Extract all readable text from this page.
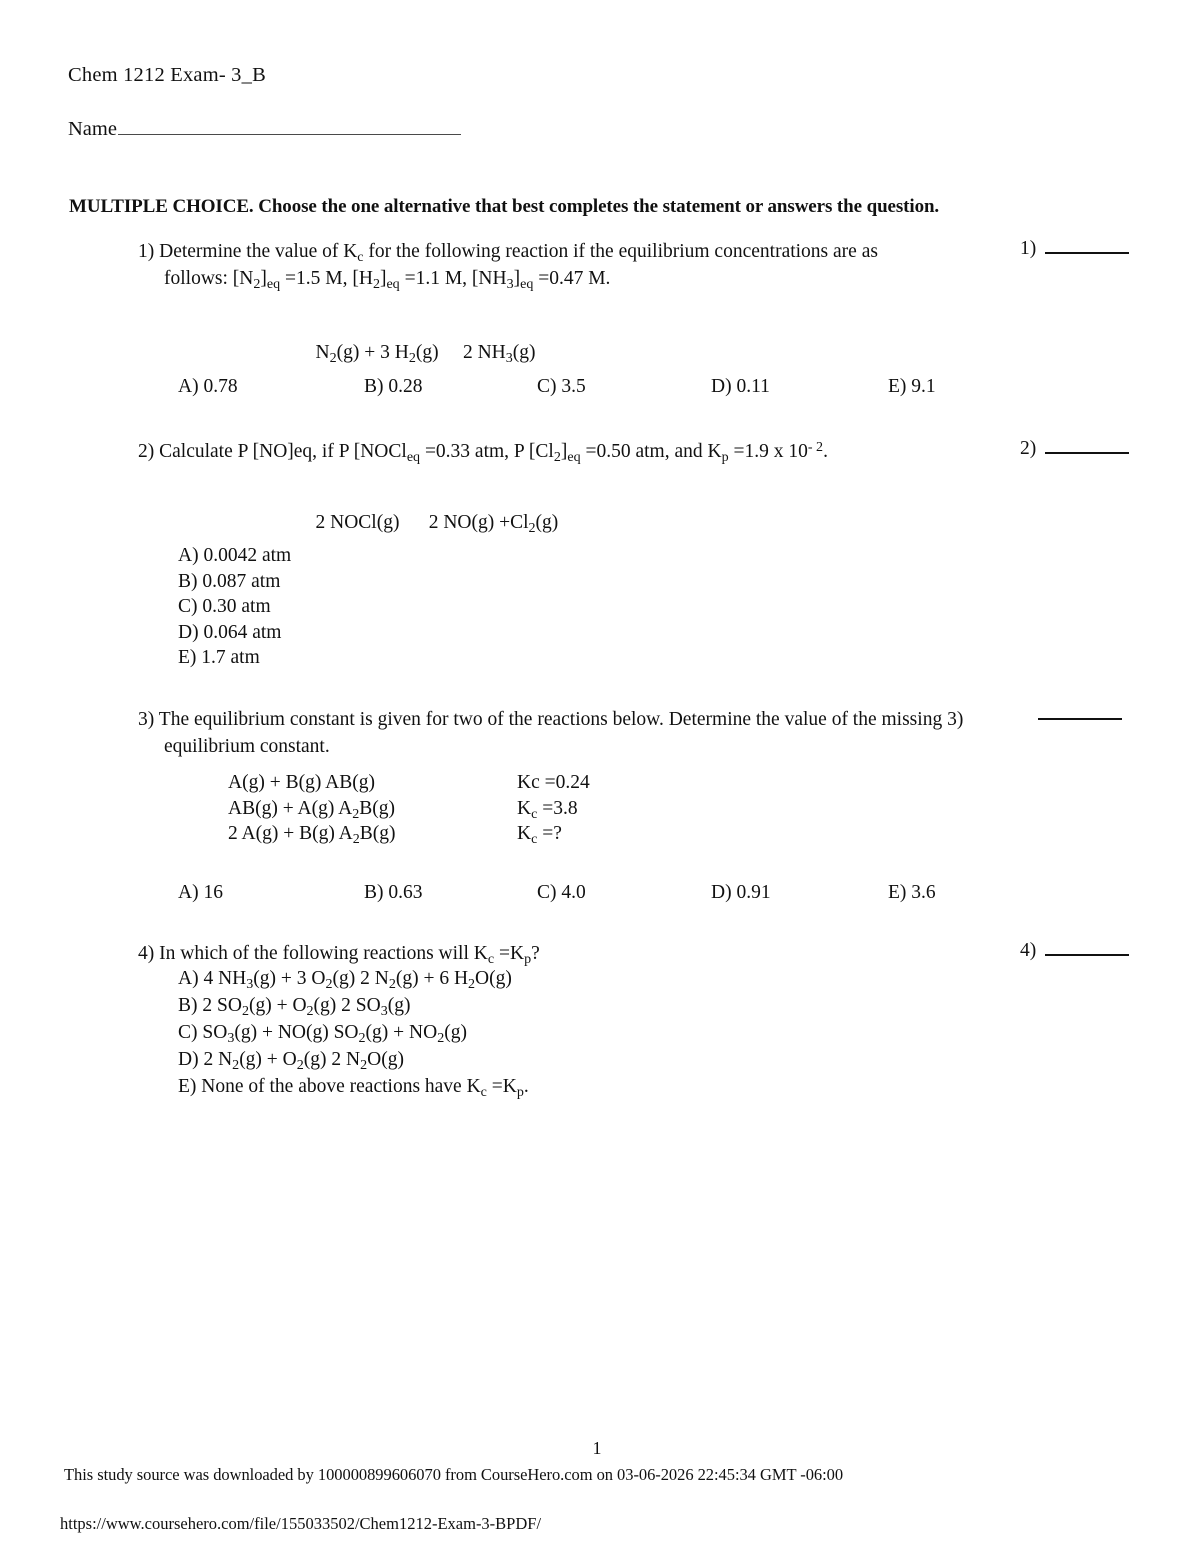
Chem 1212 Exam- 3_B
Name
MULTIPLE CHOICE. Choose the one alternative that best completes the statement or answers the question.
1) Determine the value of $K_c$ for the following reaction if the equilibrium concentrations are as
follows: $[N_2]_{eq} =1.5$ M, $[H_2]_{eq} =1.1$ M, $[NH_3]_{eq} =0.47$ M.
1)

$N_2(g) + 3$ $H_2(g)$     2 $NH_3(g)$

A) 0.78	B) 0.28	C) 3.5	D) 0.11	E) 9.1
2) Calculate P [NO]eq, if P [NOCl$_{eq}$ =0.33 atm, P $[Cl_2]_{eq} =0.50$ atm, and $K_p =1.9$ x $10^{- 2}$.	2)

2 NOCl(g)      2 $NO(g) +Cl_2(g)$

A) 0.0042 atm
B) 0.087 atm
C) 0.30 atm
D) 0.064 atm
E) 1.7 atm
3) The equilibrium constant is given for two of the reactions below. Determine the value of the missing 3)
equilibrium constant.
A(g) + B(g) AB(g)	Kc =0.24
AB(g) + A(g) $A_2B(g)$	$K_c =3.8$
2 A(g) + B(g) $A_2B(g)$	$K_c$ =?
A) 16	B) 0.63	C) 4.0	D) 0.91	E) 3.6
4) In which of the following reactions will $K_c =K_p$?	4)
A) 4 $NH_3(g) + 3$ $O_2(g)$ 2 $N_2(g) + 6$ $H_2O(g)$
B) 2 $SO_2(g) + O_2(g)$ 2 $SO_3(g)$
C) $SO_3(g) + NO(g) SO_2(g) + NO_2(g)$
D) 2 $N_2(g) + O_2(g)$ 2 $N_2O(g)$
E) None of the above reactions have $K_c =K_p$.
1
This study source was downloaded by 100000899606070 from CourseHero.com on 03-06-2026 22:45:34 GMT -06:00
https://www.coursehero.com/file/155033502/Chem1212-Exam-3-BPDF/
